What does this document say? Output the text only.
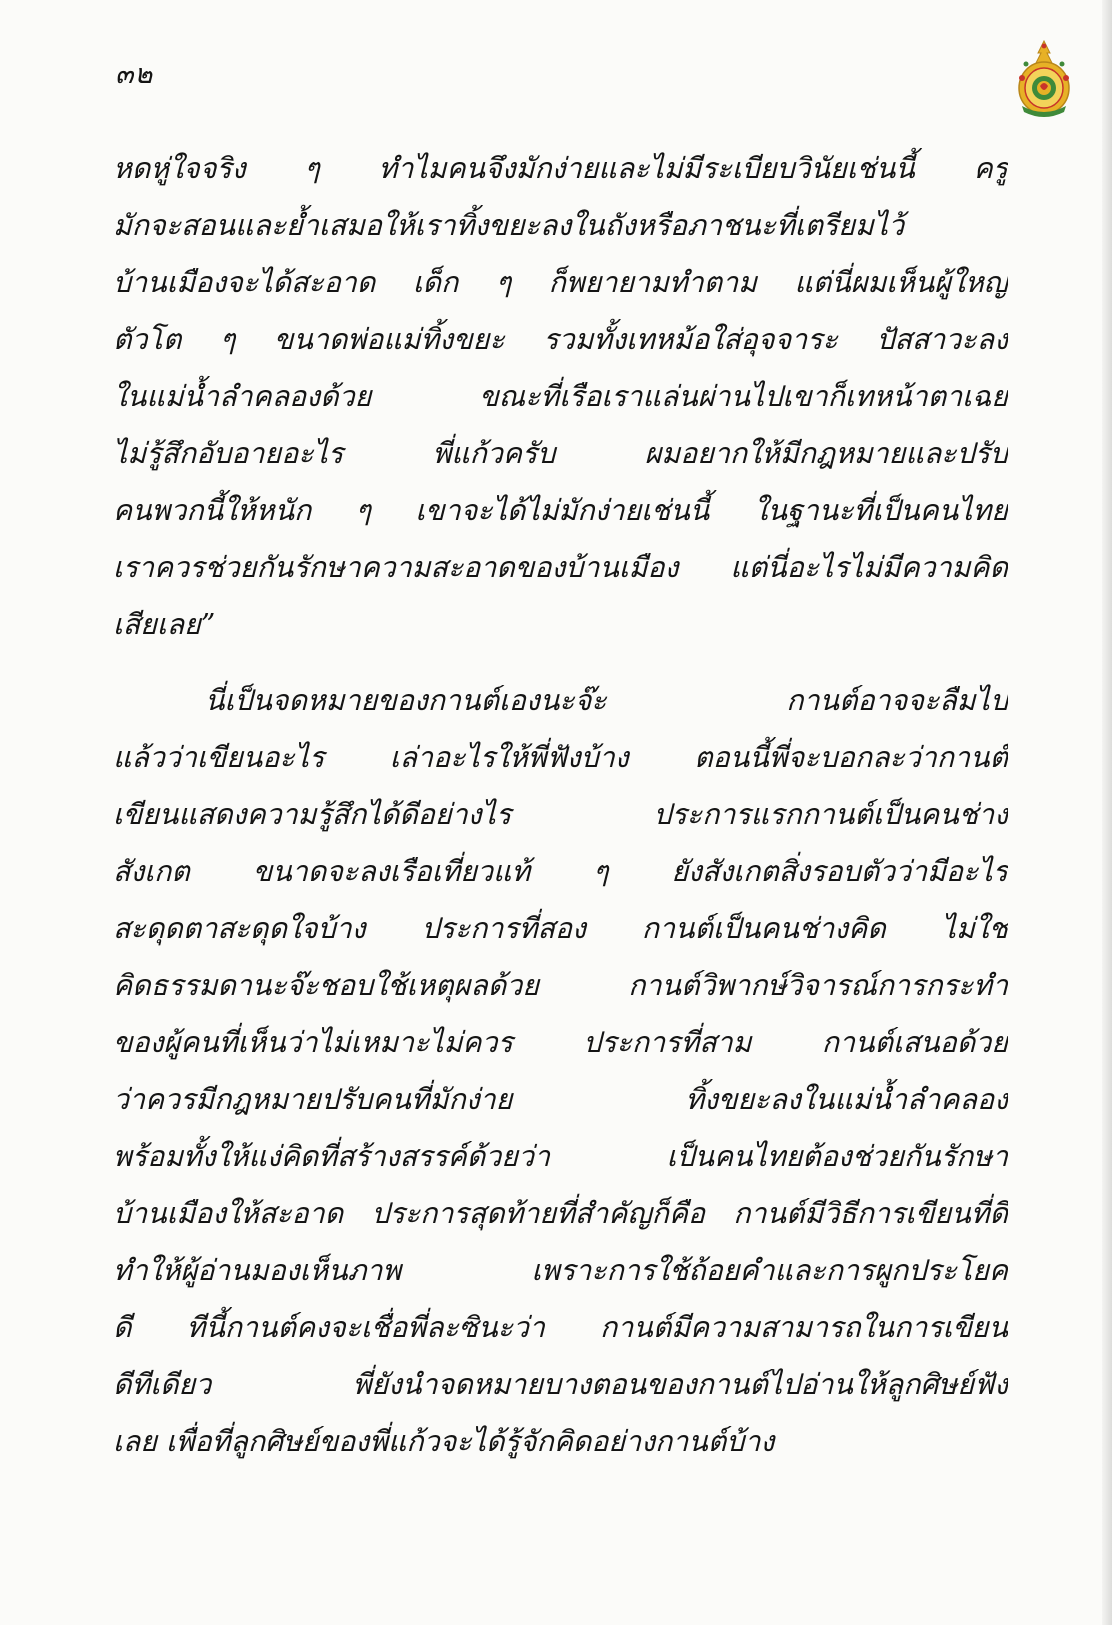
๓๒
หดหู่ใจจริง ๆ ทำไมคนจึงมักง่ายและไม่มีระเบียบวินัยเช่นนี้ ครู
มักจะสอนและย้ำเสมอให้เราทิ้งขยะลงในถังหรือภาชนะที่เตรียมไว้
บ้านเมืองจะได้สะอาด เด็ก ๆ ก็พยายามทำตาม แต่นี่ผมเห็นผู้ใหญ่
ตัวโต ๆ ขนาดพ่อแม่ทิ้งขยะ รวมทั้งเทหม้อใส่อุจจาระ ปัสสาวะลง
ในแม่น้ำลำคลองด้วย	ขณะที่เรือเราแล่นผ่านไปเขาก็เทหน้าตาเฉย
ไม่รู้สึกอับอายอะไร	พี่แก้วครับ	ผมอยากให้มีกฎหมายและปรับ
คนพวกนี้ให้หนัก ๆ เขาจะได้ไม่มักง่ายเช่นนี้ ในฐานะที่เป็นคนไทย
เราควรช่วยกันรักษาความสะอาดของบ้านเมือง แต่นี่อะไรไม่มีความคิด
เสียเลย”
นี่เป็นจดหมายของกานต์เองนะจ๊ะ	กานต์อาจจะลืมไป
แล้วว่าเขียนอะไร เล่าอะไรให้พี่ฟังบ้าง ตอนนี้พี่จะบอกละว่ากานต์
เขียนแสดงความรู้สึกได้ดีอย่างไร	ประการแรกกานต์เป็นคนช่าง
สังเกต ขนาดจะลงเรือเที่ยวแท้ ๆ ยังสังเกตสิ่งรอบตัวว่ามีอะไร
สะดุดตาสะดุดใจบ้าง ประการที่สอง กานต์เป็นคนช่างคิด ไม่ใช่
คิดธรรมดานะจ๊ะชอบใช้เหตุผลด้วย	กานต์วิพากษ์วิจารณ์การกระทำ
ของผู้คนที่เห็นว่าไม่เหมาะไม่ควร ประการที่สาม กานต์เสนอด้วย
ว่าควรมีกฎหมายปรับคนที่มักง่าย	ทิ้งขยะลงในแม่น้ำลำคลอง
พร้อมทั้งให้แง่คิดที่สร้างสรรค์ด้วยว่า	เป็นคนไทยต้องช่วยกันรักษา
บ้านเมืองให้สะอาด ประการสุดท้ายที่สำคัญก็คือ กานต์มีวิธีการเขียนที่ดี
ทำให้ผู้อ่านมองเห็นภาพ	เพราะการใช้ถ้อยคำและการผูกประโยค
ดี ทีนี้กานต์คงจะเชื่อพี่ละซินะว่า กานต์มีความสามารถในการเขียน
ดีทีเดียว	พี่ยังนำจดหมายบางตอนของกานต์ไปอ่านให้ลูกศิษย์ฟัง
เลย เพื่อที่ลูกศิษย์ของพี่แก้วจะได้รู้จักคิดอย่างกานต์บ้าง
